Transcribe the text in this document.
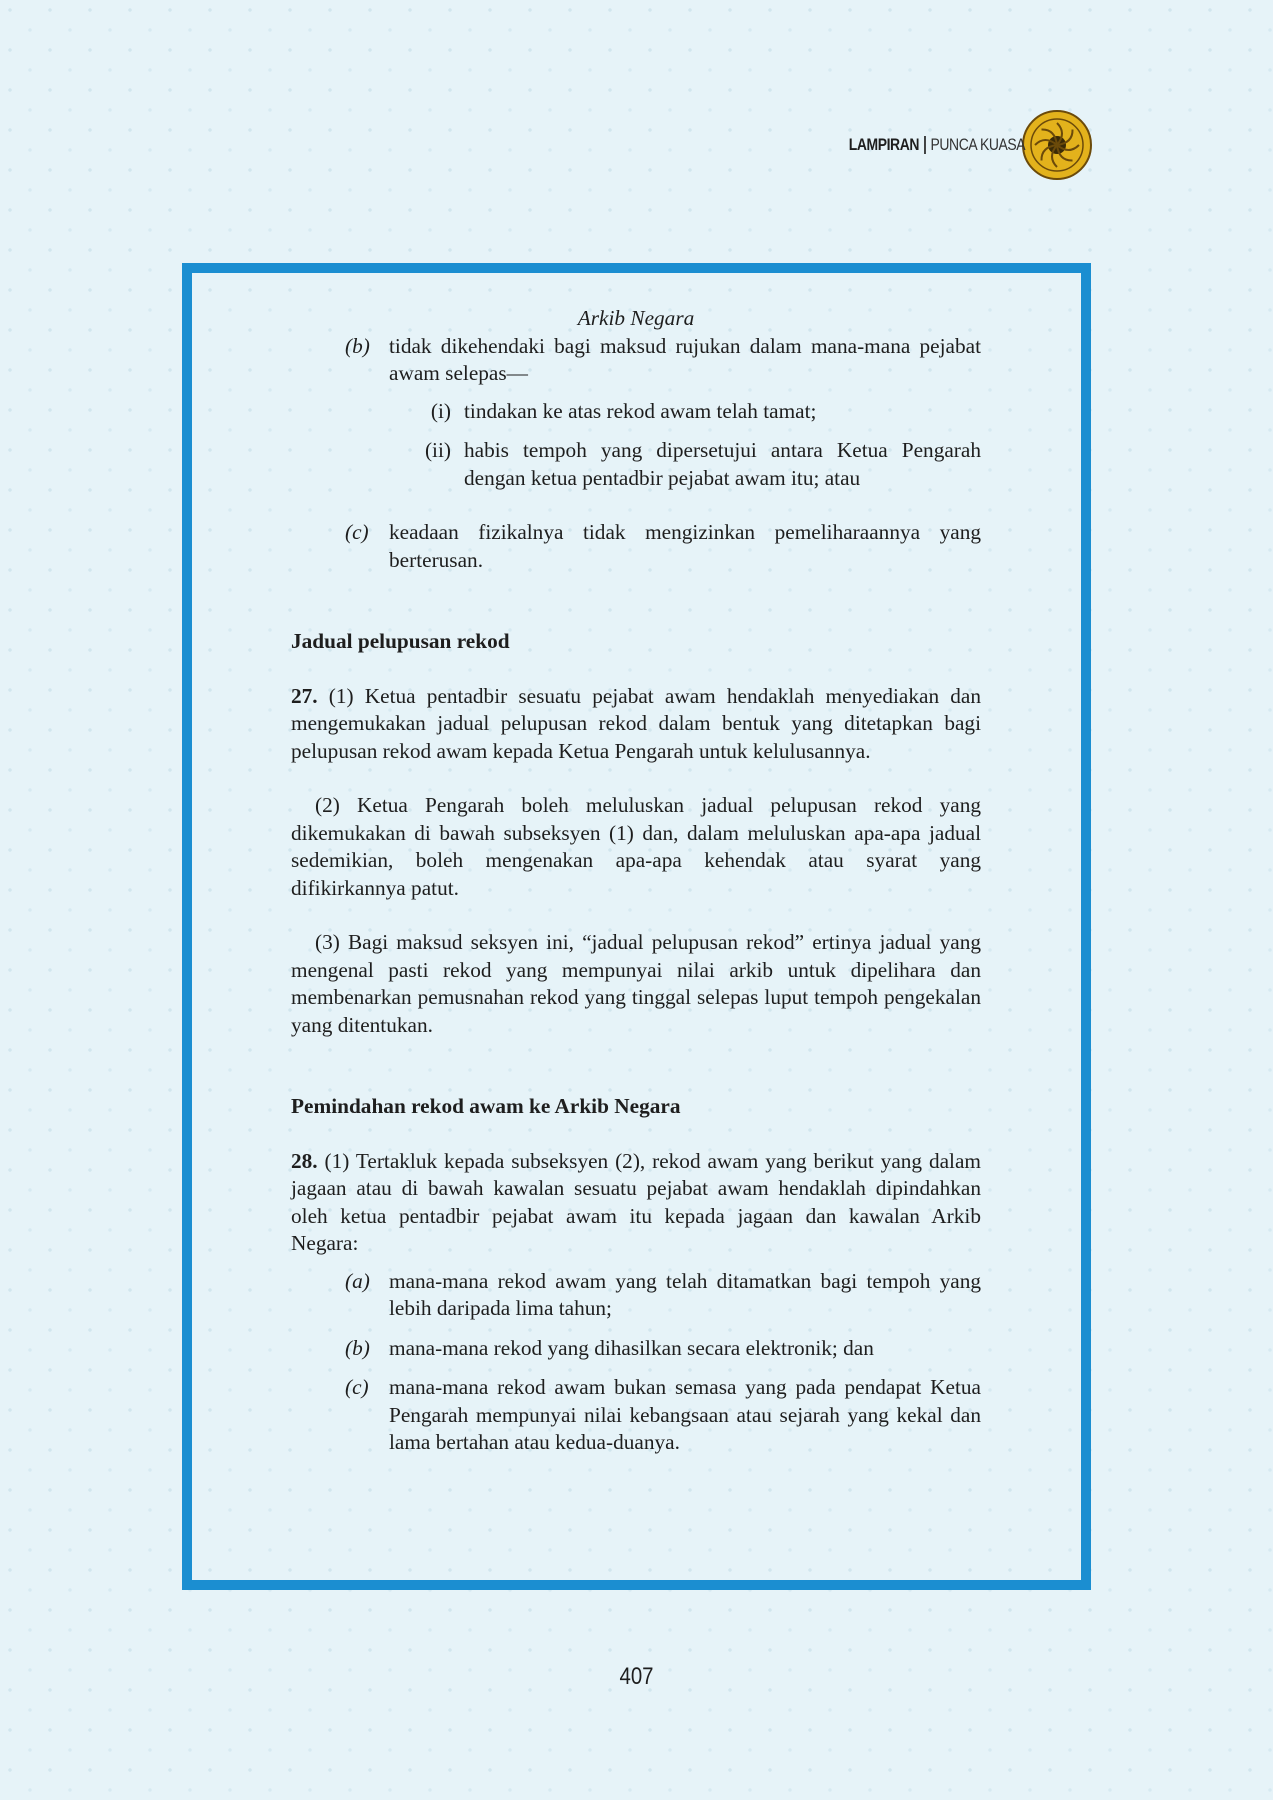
LAMPIRAN PUNCA KUASA

Arkib Negara

(b) tidak dikehendaki bagi maksud rujukan dalam mana-mana pejabat awam selepas—
(i) tindakan ke atas rekod awam telah tamat;
(ii) habis tempoh yang dipersetujui antara Ketua Pengarah dengan ketua pentadbir pejabat awam itu; atau
(c) keadaan fizikalnya tidak mengizinkan pemeliharaannya yang berterusan.

Jadual pelupusan rekod

27. (1) Ketua pentadbir sesuatu pejabat awam hendaklah menyediakan dan mengemukakan jadual pelupusan rekod dalam bentuk yang ditetapkan bagi pelupusan rekod awam kepada Ketua Pengarah untuk kelulusannya.

(2) Ketua Pengarah boleh meluluskan jadual pelupusan rekod yang dikemukakan di bawah subseksyen (1) dan, dalam meluluskan apa-apa jadual sedemikian, boleh mengenakan apa-apa kehendak atau syarat yang difikirkannya patut.

(3) Bagi maksud seksyen ini, “jadual pelupusan rekod” ertinya jadual yang mengenal pasti rekod yang mempunyai nilai arkib untuk dipelihara dan membenarkan pemusnahan rekod yang tinggal selepas luput tempoh pengekalan yang ditentukan.

Pemindahan rekod awam ke Arkib Negara

28. (1) Tertakluk kepada subseksyen (2), rekod awam yang berikut yang dalam jagaan atau di bawah kawalan sesuatu pejabat awam hendaklah dipindahkan oleh ketua pentadbir pejabat awam itu kepada jagaan dan kawalan Arkib Negara:

(a) mana-mana rekod awam yang telah ditamatkan bagi tempoh yang lebih daripada lima tahun;
(b) mana-mana rekod yang dihasilkan secara elektronik; dan
(c) mana-mana rekod awam bukan semasa yang pada pendapat Ketua Pengarah mempunyai nilai kebangsaan atau sejarah yang kekal dan lama bertahan atau kedua-duanya.
407
